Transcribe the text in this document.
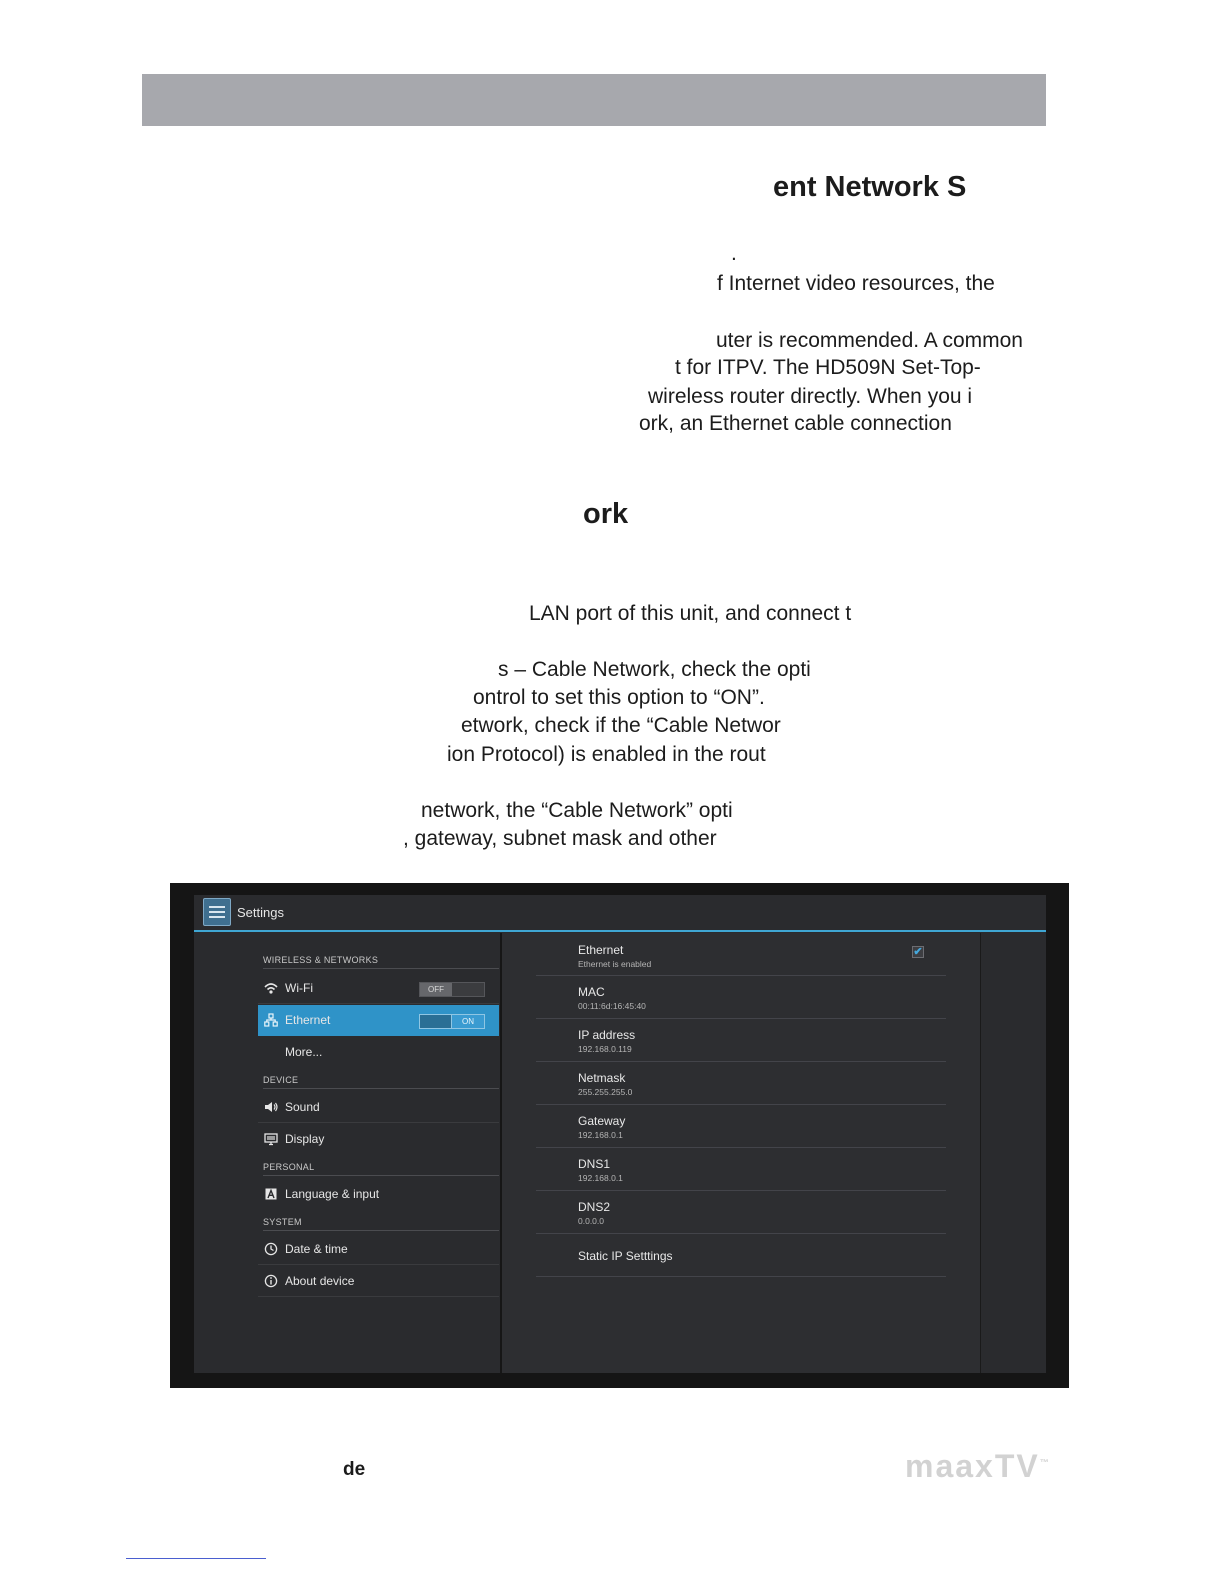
ent Network S
.
f Internet video resources, the
uter is recommended. A common
t for ITPV. The HD509N Set-Top-
wireless router directly. When you i
ork, an Ethernet cable connection
ork
LAN port of this unit, and connect t
s – Cable Network, check the opti
ontrol to set this option to “ON”.
etwork, check if the “Cable Networ
ion Protocol) is enabled in the rout
network, the “Cable Network” opti
, gateway, subnet mask and other
Settings
WIRELESS & NETWORKS
Wi-Fi	OFF
Ethernet	ON
More...
DEVICE
Sound
Display
PERSONAL
Language & input
SYSTEM
Date & time
About device
Ethernet
Ethernet is enabled
✔
MAC
00:11:6d:16:45:40
IP address
192.168.0.119
Netmask
255.255.255.0
Gateway
192.168.0.1
DNS1
192.168.0.1
DNS2
0.0.0.0
Static IP Setttings
de	maaxTV™
